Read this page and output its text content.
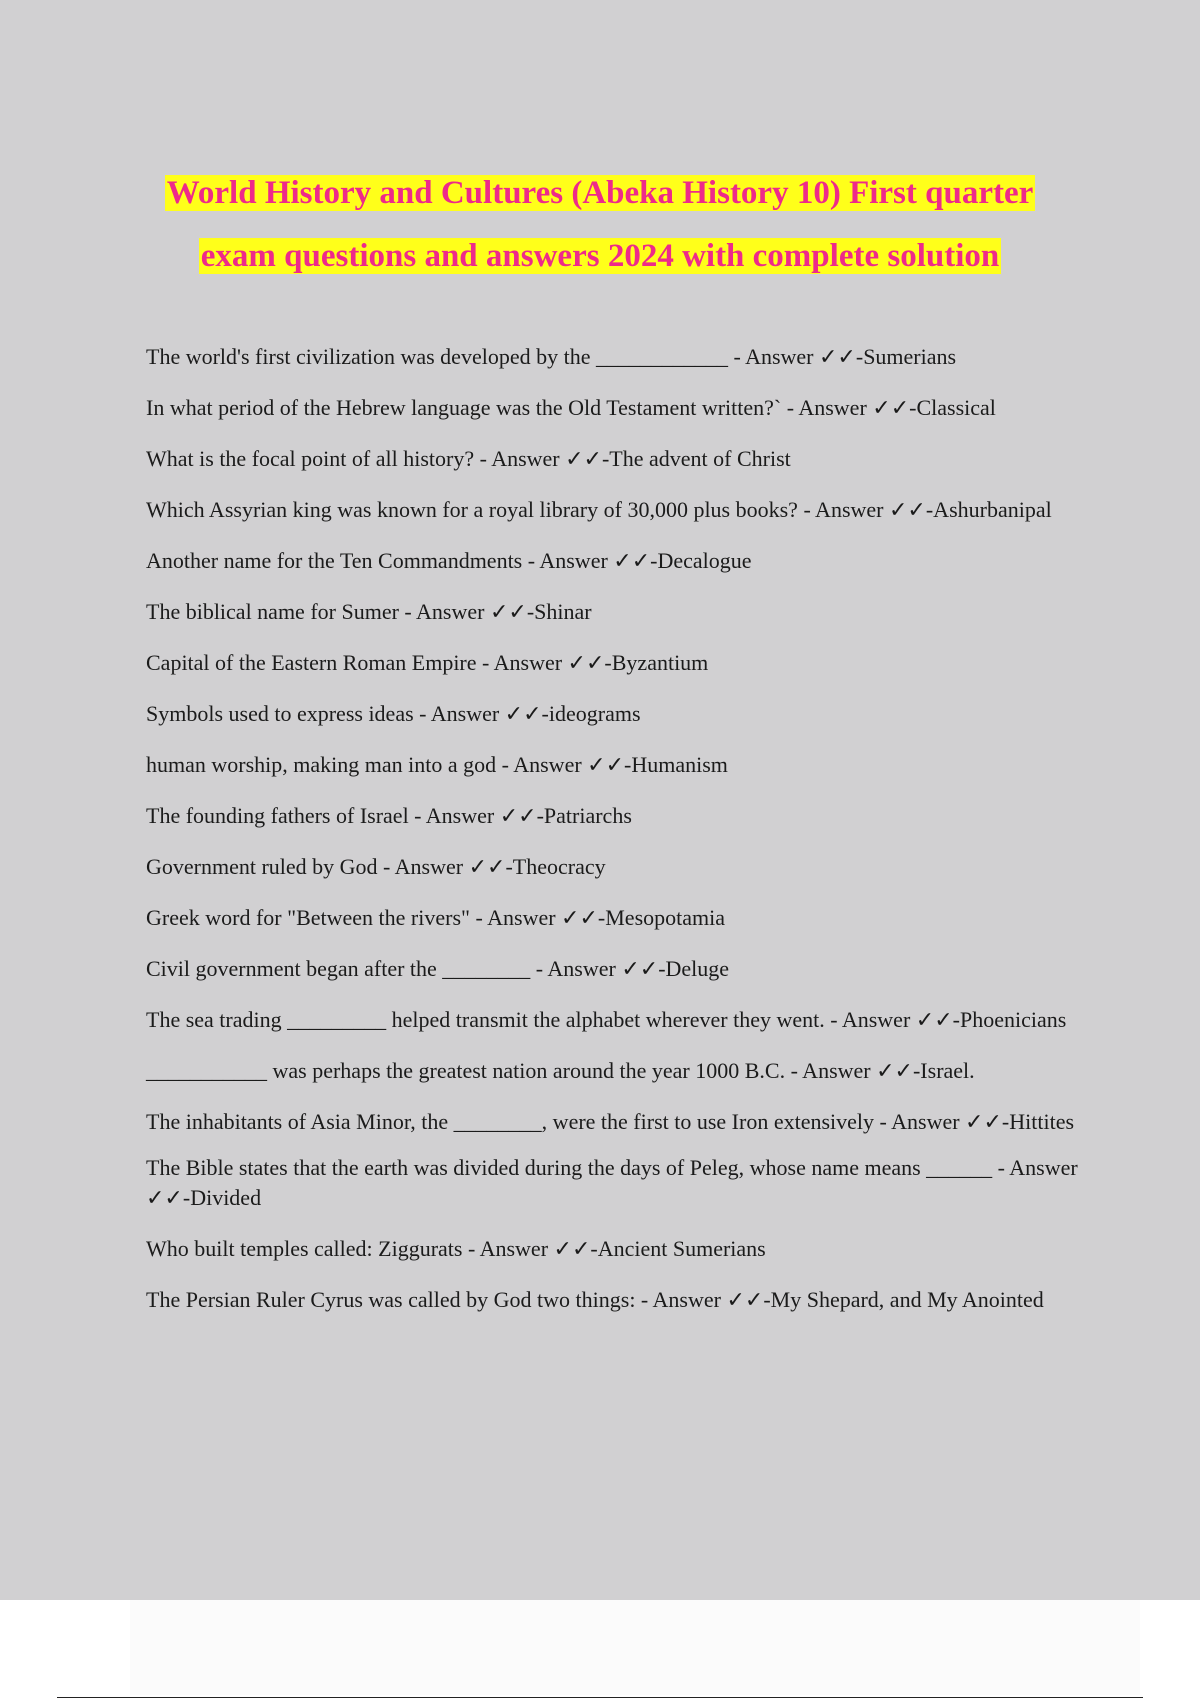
World History and Cultures (Abeka History 10) First quarter
exam questions and answers 2024 with complete solution
The world's first civilization was developed by the ____________ - Answer ✓✓-Sumerians
In what period of the Hebrew language was the Old Testament written?` - Answer ✓✓-Classical
What is the focal point of all history? - Answer ✓✓-The advent of Christ
Which Assyrian king was known for a royal library of 30,000 plus books? - Answer ✓✓-Ashurbanipal
Another name for the Ten Commandments - Answer ✓✓-Decalogue
The biblical name for Sumer - Answer ✓✓-Shinar
Capital of the Eastern Roman Empire - Answer ✓✓-Byzantium
Symbols used to express ideas - Answer ✓✓-ideograms
human worship, making man into a god - Answer ✓✓-Humanism
The founding fathers of Israel - Answer ✓✓-Patriarchs
Government ruled by God - Answer ✓✓-Theocracy
Greek word for "Between the rivers" - Answer ✓✓-Mesopotamia
Civil government began after the ________ - Answer ✓✓-Deluge
The sea trading _________ helped transmit the alphabet wherever they went. - Answer ✓✓-Phoenicians
___________ was perhaps the greatest nation around the year 1000 B.C. - Answer ✓✓-Israel.
The inhabitants of Asia Minor, the ________, were the first to use Iron extensively - Answer ✓✓-Hittites
The Bible states that the earth was divided during the days of Peleg, whose name means ______ - Answer ✓✓-Divided
Who built temples called: Ziggurats - Answer ✓✓-Ancient Sumerians
The Persian Ruler Cyrus was called by God two things: - Answer ✓✓-My Shepard, and My Anointed
